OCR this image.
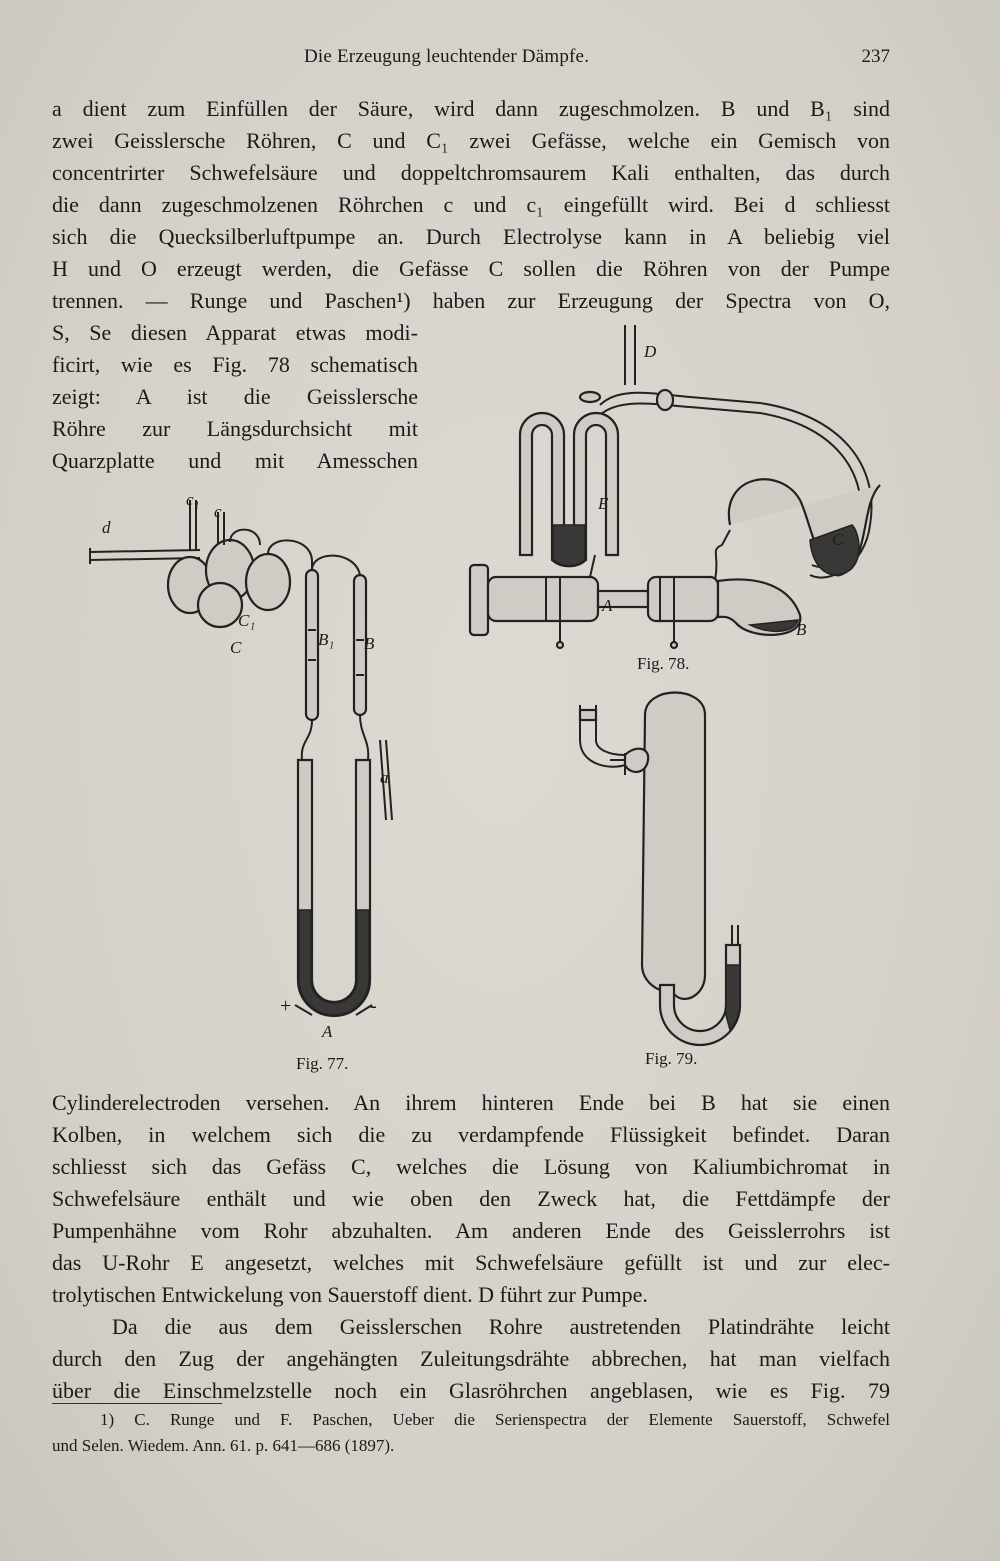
Die Erzeugung leuchtender Dämpfe.	237
a dient zum Einfüllen der Säure, wird dann zugeschmolzen. B und B₁ sind
zwei Geisslersche Röhren, C und C₁ zwei Gefässe, welche ein Gemisch von
concentrirter Schwefelsäure und doppeltchromsaurem Kali enthalten, das durch
die dann zugeschmolzenen Röhrchen c und c₁ eingefüllt wird. Bei d schliesst
sich die Quecksilberluftpumpe an. Durch Electrolyse kann in A beliebig viel
H und O erzeugt werden, die Gefässe C sollen die Röhren von der Pumpe
trennen. — Runge und Paschen¹) haben zur Erzeugung der Spectra von O,
S, Se diesen Apparat etwas modi-
ficirt, wie es Fig. 78 schematisch
zeigt: A ist die Geisslersche
Röhre zur Längsdurchsicht mit
Quarzplatte und mit Amesschen
c₁
c
d
C₁
C	B₁ B
a
+	-
A
Fig. 77.
D
E
C
A
B
Fig. 78.
Fig. 79.
Cylinderelectroden versehen. An ihrem hinteren Ende bei B hat sie einen
Kolben, in welchem sich die zu verdampfende Flüssigkeit befindet. Daran
schliesst sich das Gefäss C, welches die Lösung von Kaliumbichromat in
Schwefelsäure enthält und wie oben den Zweck hat, die Fettdämpfe der
Pumpenhähne vom Rohr abzuhalten. Am anderen Ende des Geisslerrohrs ist
das U-Rohr E angesetzt, welches mit Schwefelsäure gefüllt ist und zur elec-
trolytischen Entwickelung von Sauerstoff dient. D führt zur Pumpe.
Da die aus dem Geisslerschen Rohre austretenden Platindrähte leicht
durch den Zug der angehängten Zuleitungsdrähte abbrechen, hat man vielfach
über die Einschmelzstelle noch ein Glasröhrchen angeblasen, wie es Fig. 79
1) C. Runge und F. Paschen, Ueber die Serienspectra der Elemente Sauerstoff, Schwefel
und Selen. Wiedem. Ann. 61. p. 641—686 (1897).
